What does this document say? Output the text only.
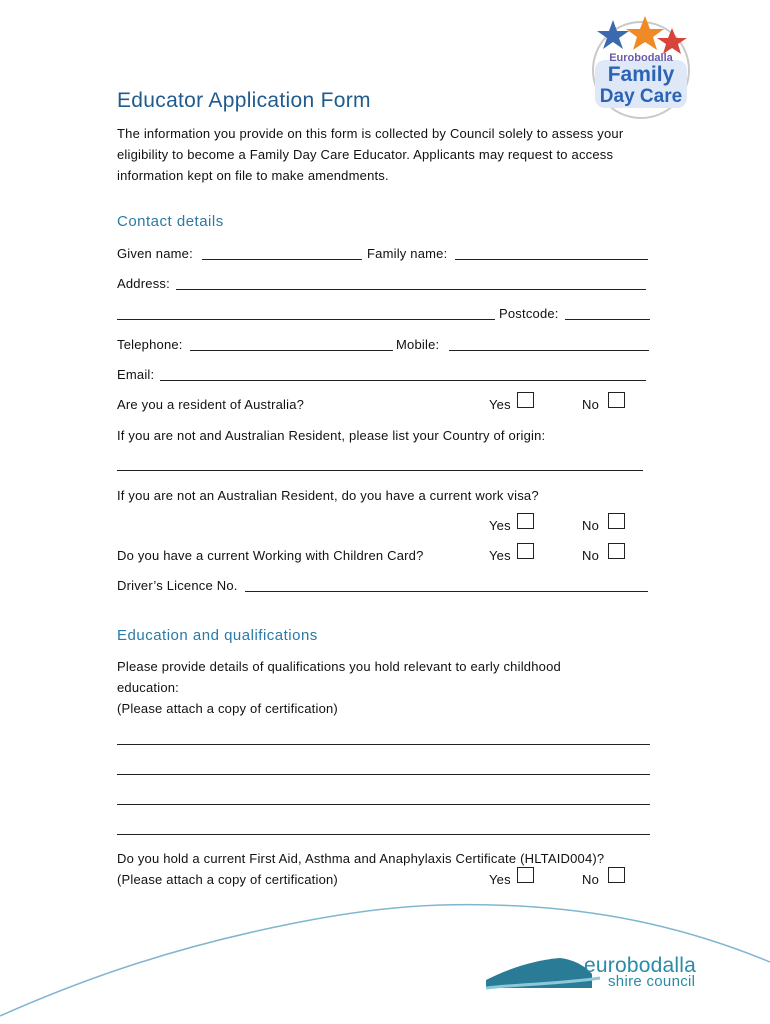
Eurobodalla
Family
Day Care
Educator Application Form
The information you provide on this form is collected by Council solely to assess your
eligibility to become a Family Day Care Educator. Applicants may request to access
information kept on file to make amendments.
Contact details
Given name:	Family name:
Address:
Postcode:
Telephone:	Mobile:
Email:
Are you a resident of Australia?	Yes	No
If you are not and Australian Resident, please list your Country of origin:
If you are not an Australian Resident, do you have a current work visa?
Yes	No
Do you have a current Working with Children Card?	Yes	No
Driver’s Licence No.
Education and qualifications
Please provide details of qualifications you hold relevant to early childhood
education:
(Please attach a copy of certification)
Do you hold a current First Aid, Asthma and Anaphylaxis Certificate (HLTAID004)?
(Please attach a copy of certification)	Yes	No
eurobodalla
shire council
